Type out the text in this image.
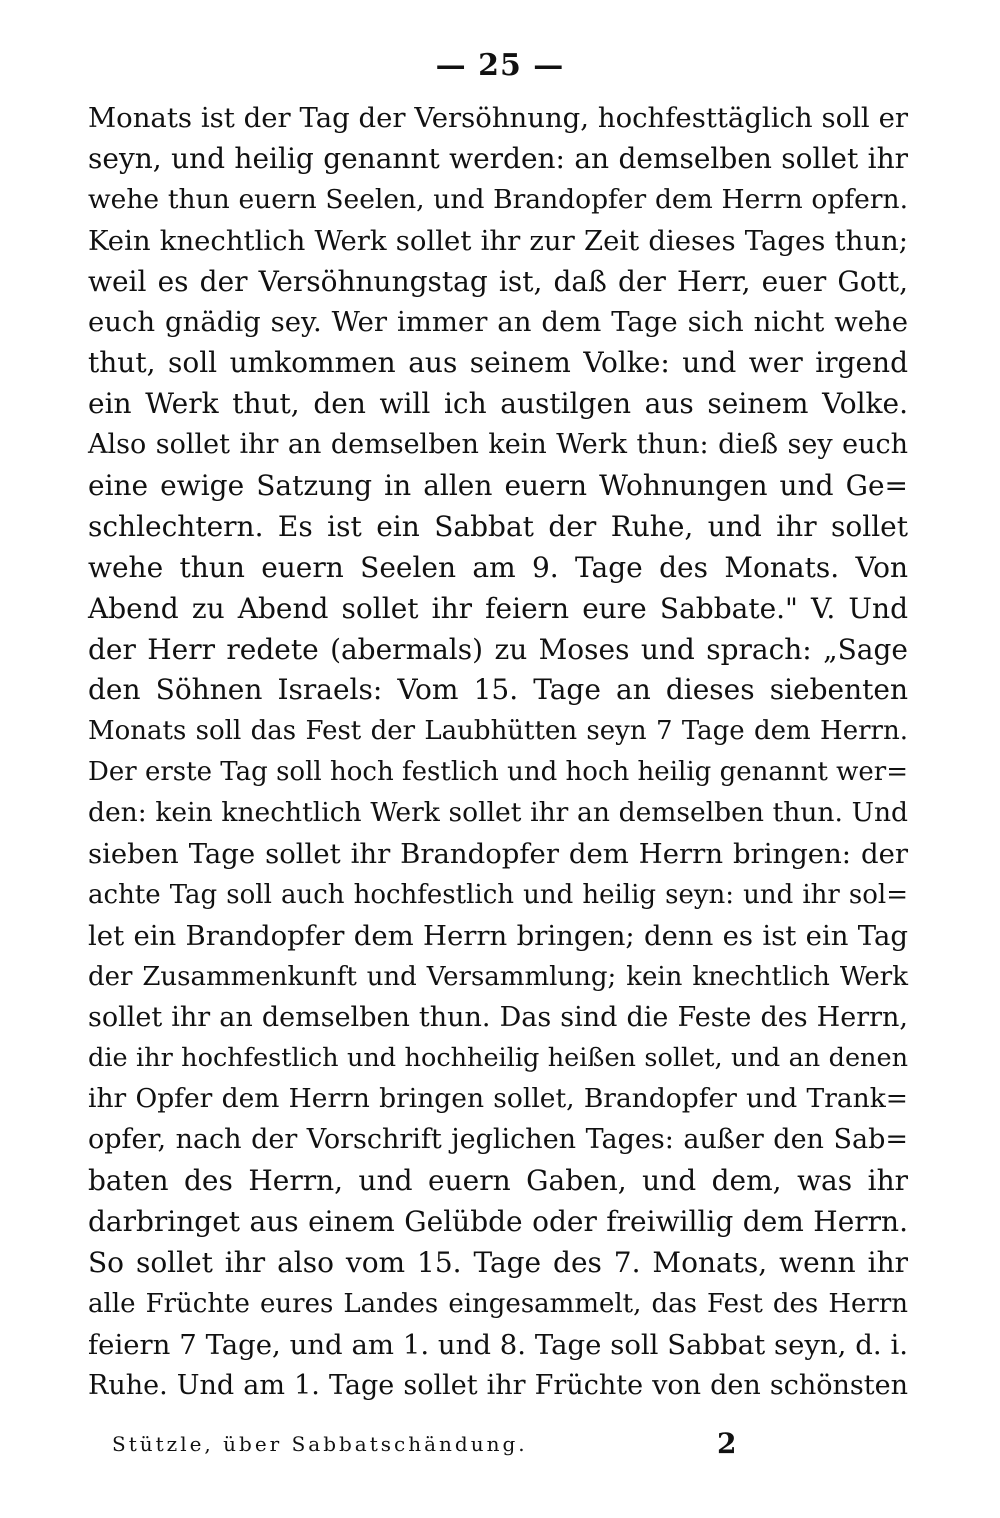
— 25 —
Monats ist der Tag der Versöhnung, hochfesttäglich soll er
seyn, und heilig genannt werden: an demselben sollet ihr
wehe thun euern Seelen, und Brandopfer dem Herrn opfern.
Kein knechtlich Werk sollet ihr zur Zeit dieses Tages thun;
weil es der Versöhnungstag ist, daß der Herr, euer Gott,
euch gnädig sey. Wer immer an dem Tage sich nicht wehe
thut, soll umkommen aus seinem Volke: und wer irgend
ein Werk thut, den will ich austilgen aus seinem Volke.
Also sollet ihr an demselben kein Werk thun: dieß sey euch
eine ewige Satzung in allen euern Wohnungen und Ge=
schlechtern. Es ist ein Sabbat der Ruhe, und ihr sollet
wehe thun euern Seelen am 9. Tage des Monats. Von
Abend zu Abend sollet ihr feiern eure Sabbate." V. Und
der Herr redete (abermals) zu Moses und sprach: „Sage
den Söhnen Israels: Vom 15. Tage an dieses siebenten
Monats soll das Fest der Laubhütten seyn 7 Tage dem Herrn.
Der erste Tag soll hoch festlich und hoch heilig genannt wer=
den: kein knechtlich Werk sollet ihr an demselben thun. Und
sieben Tage sollet ihr Brandopfer dem Herrn bringen: der
achte Tag soll auch hochfestlich und heilig seyn: und ihr sol=
let ein Brandopfer dem Herrn bringen; denn es ist ein Tag
der Zusammenkunft und Versammlung; kein knechtlich Werk
sollet ihr an demselben thun. Das sind die Feste des Herrn,
die ihr hochfestlich und hochheilig heißen sollet, und an denen
ihr Opfer dem Herrn bringen sollet, Brandopfer und Trank=
opfer, nach der Vorschrift jeglichen Tages: außer den Sab=
baten des Herrn, und euern Gaben, und dem, was ihr
darbringet aus einem Gelübde oder freiwillig dem Herrn.
So sollet ihr also vom 15. Tage des 7. Monats, wenn ihr
alle Früchte eures Landes eingesammelt, das Fest des Herrn
feiern 7 Tage, und am 1. und 8. Tage soll Sabbat seyn, d. i.
Ruhe. Und am 1. Tage sollet ihr Früchte von den schönsten
Stützle, über Sabbatschändung.	2
